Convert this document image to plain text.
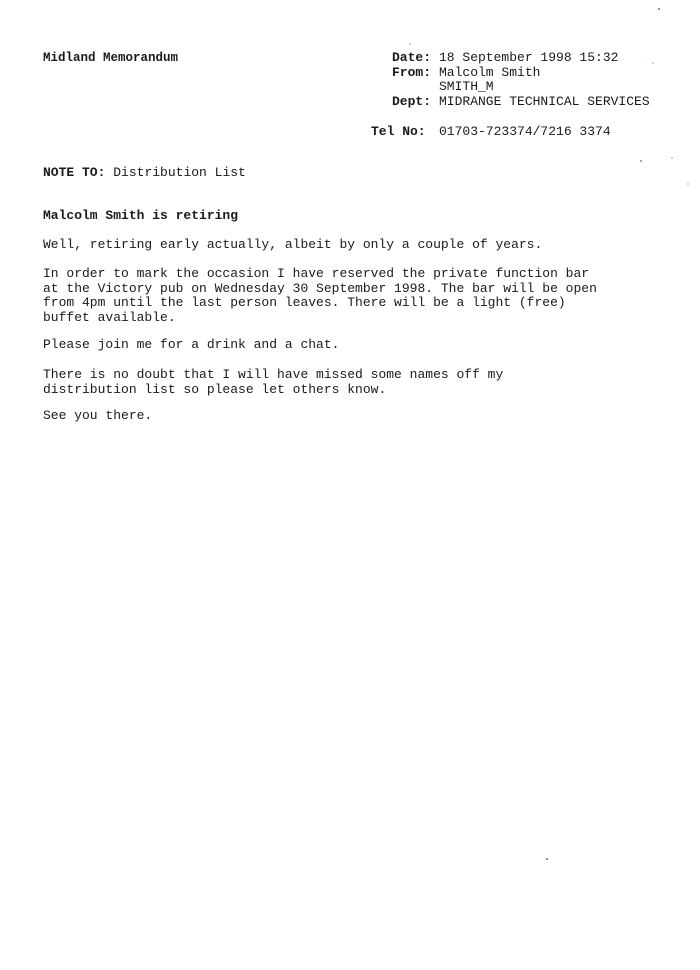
Midland Memorandum	Date: 18 September 1998 15:32
From: Malcolm Smith
SMITH_M
Dept: MIDRANGE TECHNICAL SERVICES
Tel No: 01703-723374/7216 3374
NOTE TO: Distribution List
Malcolm Smith is retiring
Well, retiring early actually, albeit by only a couple of years.
In order to mark the occasion I have reserved the private function bar
at the Victory pub on Wednesday 30 September 1998. The bar will be open
from 4pm until the last person leaves. There will be a light (free)
buffet available.
Please join me for a drink and a chat.
There is no doubt that I will have missed some names off my
distribution list so please let others know.
See you there.
